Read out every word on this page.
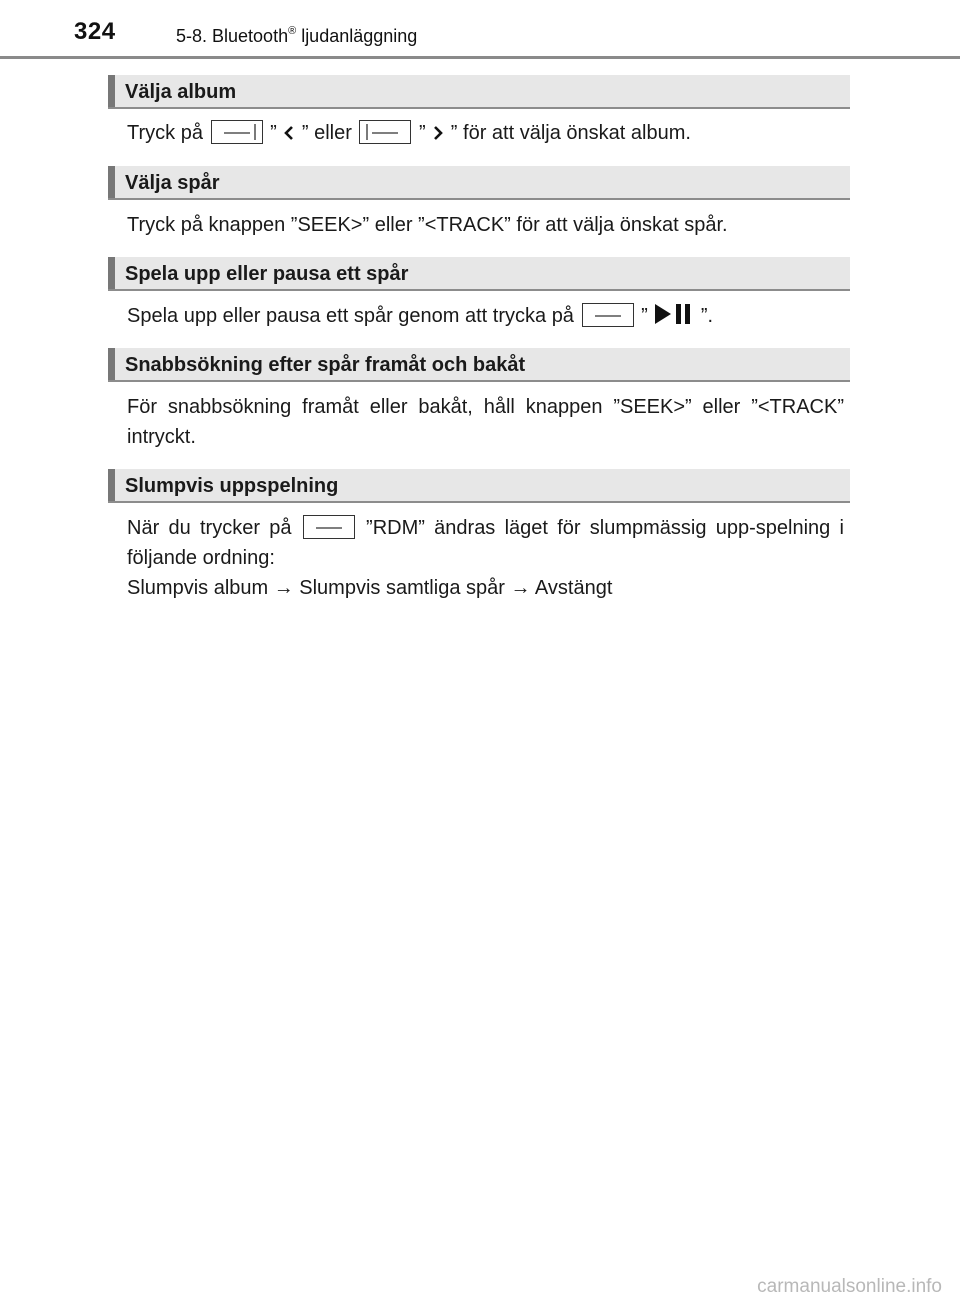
324	5-8. Bluetooth® ljudanläggning
Välja album
Tryck på	” ” eller	” ” för att välja önskat album.
Välja spår
Tryck på knappen ”SEEK>” eller ”<TRACK” för att välja önskat spår.
Spela upp eller pausa ett spår
Spela upp eller pausa ett spår genom att trycka på	”	”.
Snabbsökning efter spår framåt och bakåt
För snabbsökning framåt eller bakåt, håll knappen ”SEEK>” eller ”<TRACK” intryckt.
Slumpvis uppspelning
När du trycker på	”RDM” ändras läget för slumpmässig upp-spelning i följande ordning:
Slumpvis album → Slumpvis samtliga spår → Avstängt
carmanualsonline.info
